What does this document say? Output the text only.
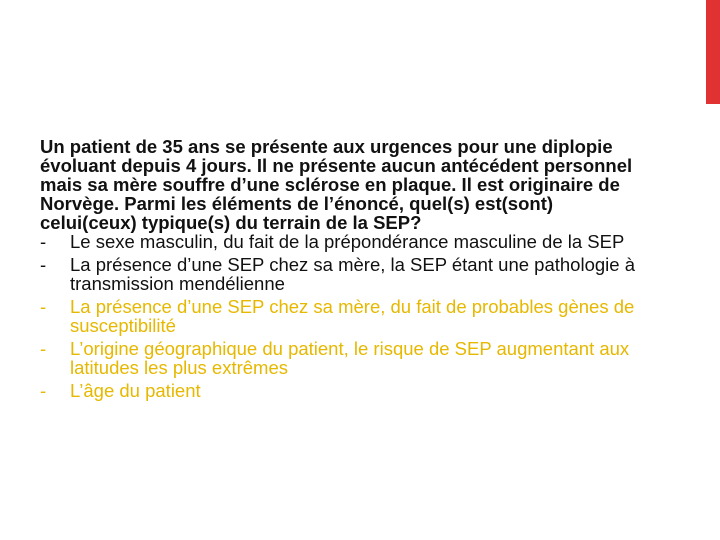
Un patient de 35 ans se présente aux urgences pour une diplopie évoluant depuis 4 jours. Il ne présente aucun antécédent personnel mais sa mère souffre d’une sclérose en plaque. Il est originaire de Norvège. Parmi les éléments de l’énoncé, quel(s) est(sont) celui(ceux) typique(s) du terrain de la SEP?

-	Le sexe masculin, du fait de la prépondérance masculine de la SEP
-	La présence d’une SEP chez sa mère, la SEP étant une pathologie à transmission mendélienne
-	La présence d’une SEP chez sa mère, du fait de probables gènes de susceptibilité
-	L’origine géographique du patient, le risque de SEP augmentant aux latitudes les plus extrêmes
-	L’âge du patient
